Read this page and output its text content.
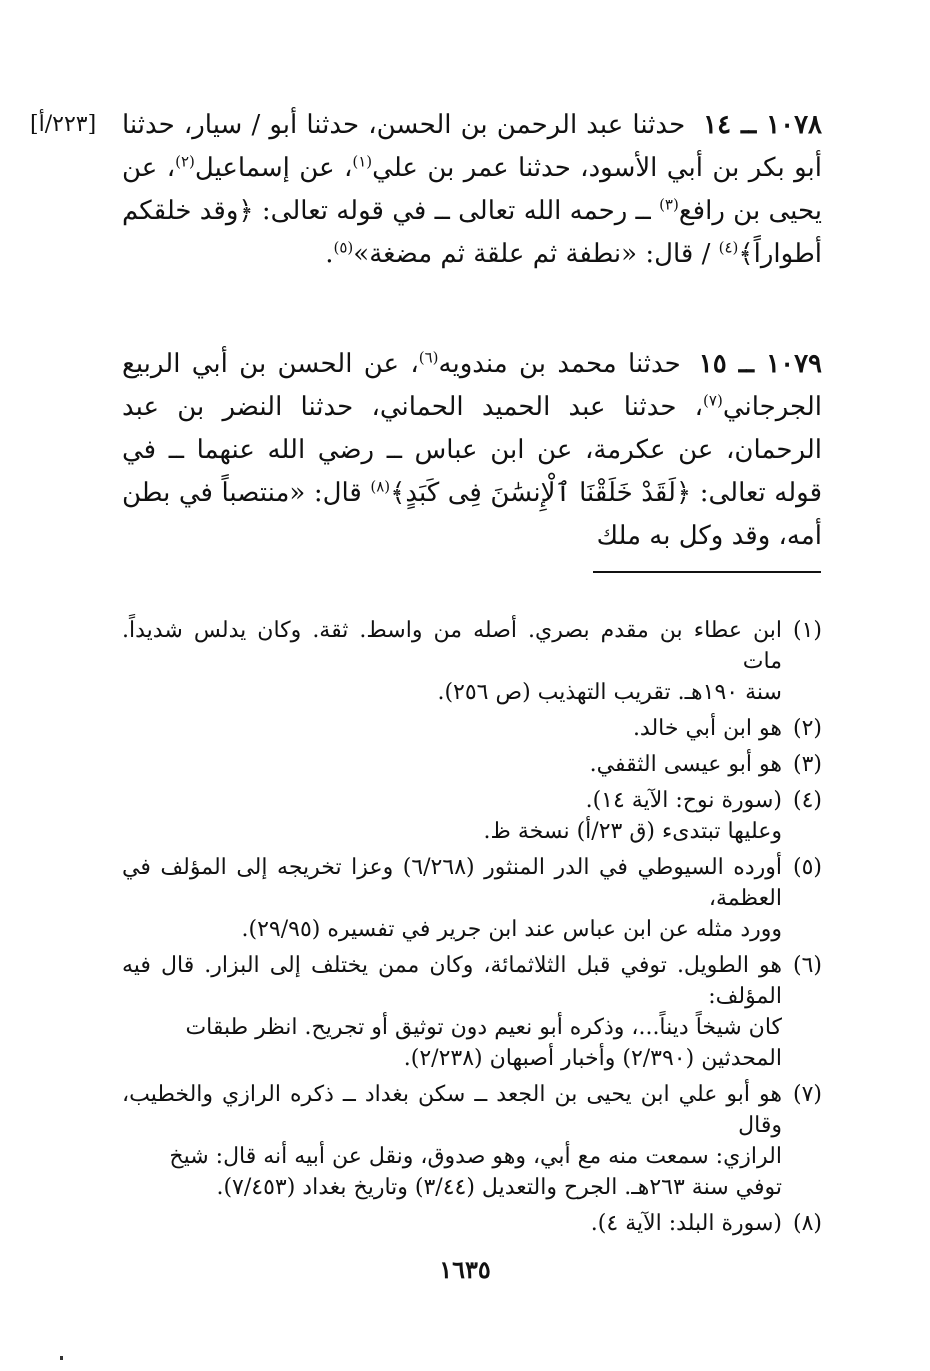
[٢٢٣/أ]	١٠٧٨ ــ ١٤حدثنا عبد الرحمن بن الحسن، حدثنا أبو / سيار، حدثنا أبو بكر بن أبي الأسود، حدثنا عمر بن علي$^{(١)}$، عن إسماعيل$^{(٢)}$، عن يحيى بن رافع$^{(٣)}$ ــ رحمه الله تعالى ــ في قوله تعالى: ﴿وقد خلقكم أطواراً﴾$^{(٤)}$ / قال: «نطفة ثم علقة ثم مضغة»$^{(٥)}$.
١٠٧٩ ــ ١٥حدثنا محمد بن مندويه$^{(٦)}$، عن الحسن بن أبي الربيع الجرجاني$^{(٧)}$، حدثنا عبد الحميد الحماني، حدثنا النضر بن عبد الرحمان، عن عكرمة، عن ابن عباس ــ رضي الله عنهما ــ في قوله تعالى: ﴿لَقَدْ خَلَقْنَا ٱلْإِنسَٰنَ فِى كَبَدٍ﴾$^{(٨)}$ قال: «منتصباً في بطن أمه، وقد وكل به ملك
(١)
ابن عطاء بن مقدم بصري. أصله من واسط. ثقة. وكان يدلس شديداً. مات
سنة ١٩٠هـ. تقريب التهذيب (ص ٢٥٦).
(٢)
هو ابن أبي خالد.
(٣)
هو أبو عيسى الثقفي.
(٤)
(سورة نوح: الآية ١٤).
وعليها تبتدىء (ق ٢٣/أ) نسخة ظ.
(٥)
أورده السيوطي في الدر المنثور (٦/٢٦٨) وعزا تخريجه إلى المؤلف في العظمة،
وورد مثله عن ابن عباس عند ابن جرير في تفسيره (٢٩/٩٥).
(٦)
هو الطويل. توفي قبل الثلاثمائة، وكان ممن يختلف إلى البزار. قال فيه المؤلف:
كان شيخاً ديناً...، وذكره أبو نعيم دون توثيق أو تجريح. انظر طبقات
المحدثين (٢/٣٩٠) وأخبار أصبهان (٢/٢٣٨).
(٧)
هو أبو علي ابن يحيى بن الجعد ــ سكن بغداد ــ ذكره الرازي والخطيب، وقال
الرازي: سمعت منه مع أبي، وهو صدوق، ونقل عن أبيه أنه قال: شيخ
توفي سنة ٢٦٣هـ. الجرح والتعديل (٣/٤٤) وتاريخ بغداد (٧/٤٥٣).
(٨)
(سورة البلد: الآية ٤).
١٦٣٥
